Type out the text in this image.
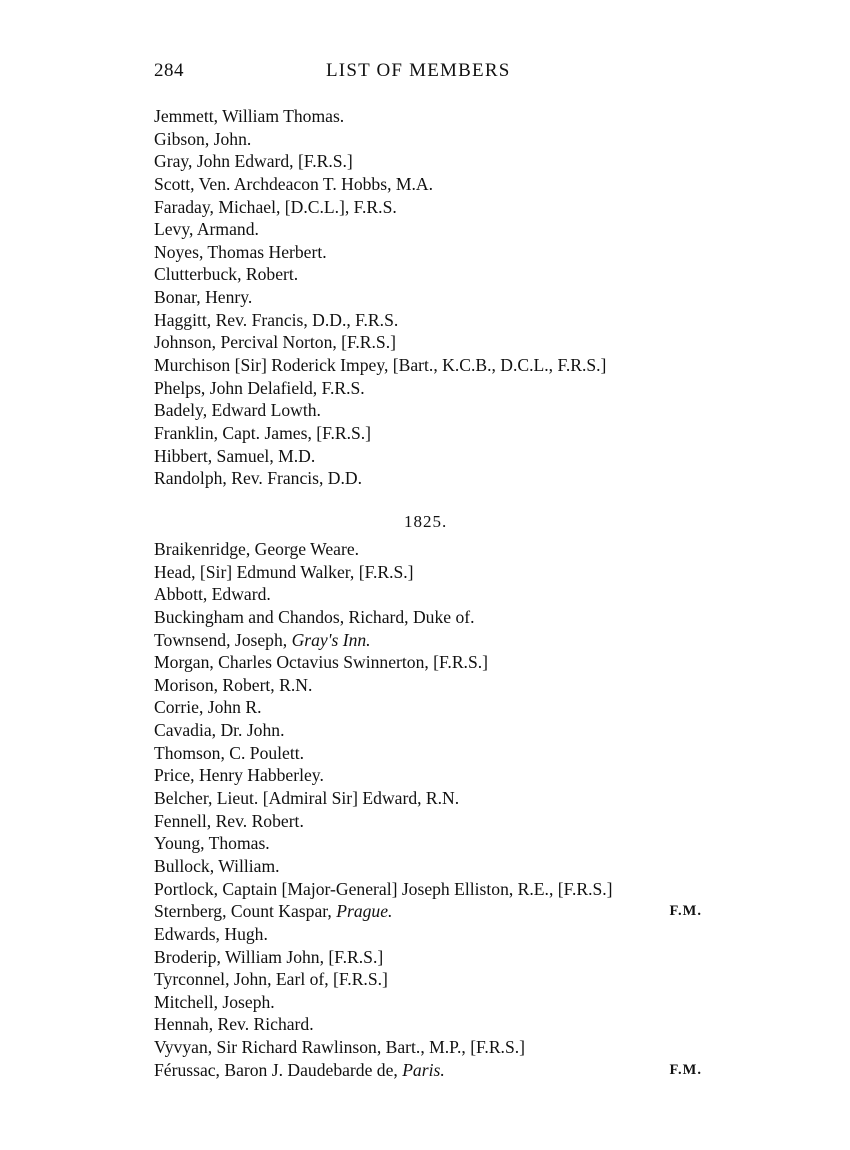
284	LIST OF MEMBERS
Jemmett, William Thomas.
Gibson, John.
Gray, John Edward, [F.R.S.]
Scott, Ven. Archdeacon T. Hobbs, M.A.
Faraday, Michael, [D.C.L.], F.R.S.
Levy, Armand.
Noyes, Thomas Herbert.
Clutterbuck, Robert.
Bonar, Henry.
Haggitt, Rev. Francis, D.D., F.R.S.
Johnson, Percival Norton, [F.R.S.]
Murchison [Sir] Roderick Impey, [Bart., K.C.B., D.C.L., F.R.S.]
Phelps, John Delafield, F.R.S.
Badely, Edward Lowth.
Franklin, Capt. James, [F.R.S.]
Hibbert, Samuel, M.D.
Randolph, Rev. Francis, D.D.
1825.
Braikenridge, George Weare.
Head, [Sir] Edmund Walker, [F.R.S.]
Abbott, Edward.
Buckingham and Chandos, Richard, Duke of.
Townsend, Joseph, Gray's Inn.
Morgan, Charles Octavius Swinnerton, [F.R.S.]
Morison, Robert, R.N.
Corrie, John R.
Cavadia, Dr. John.
Thomson, C. Poulett.
Price, Henry Habberley.
Belcher, Lieut. [Admiral Sir] Edward, R.N.
Fennell, Rev. Robert.
Young, Thomas.
Bullock, William.
Portlock, Captain [Major-General] Joseph Elliston, R.E., [F.R.S.]
Sternberg, Count Kaspar, Prague.	F.M.
Edwards, Hugh.
Broderip, William John, [F.R.S.]
Tyrconnel, John, Earl of, [F.R.S.]
Mitchell, Joseph.
Hennah, Rev. Richard.
Vyvyan, Sir Richard Rawlinson, Bart., M.P., [F.R.S.]
Férussac, Baron J. Daudebarde de, Paris.	F.M.
